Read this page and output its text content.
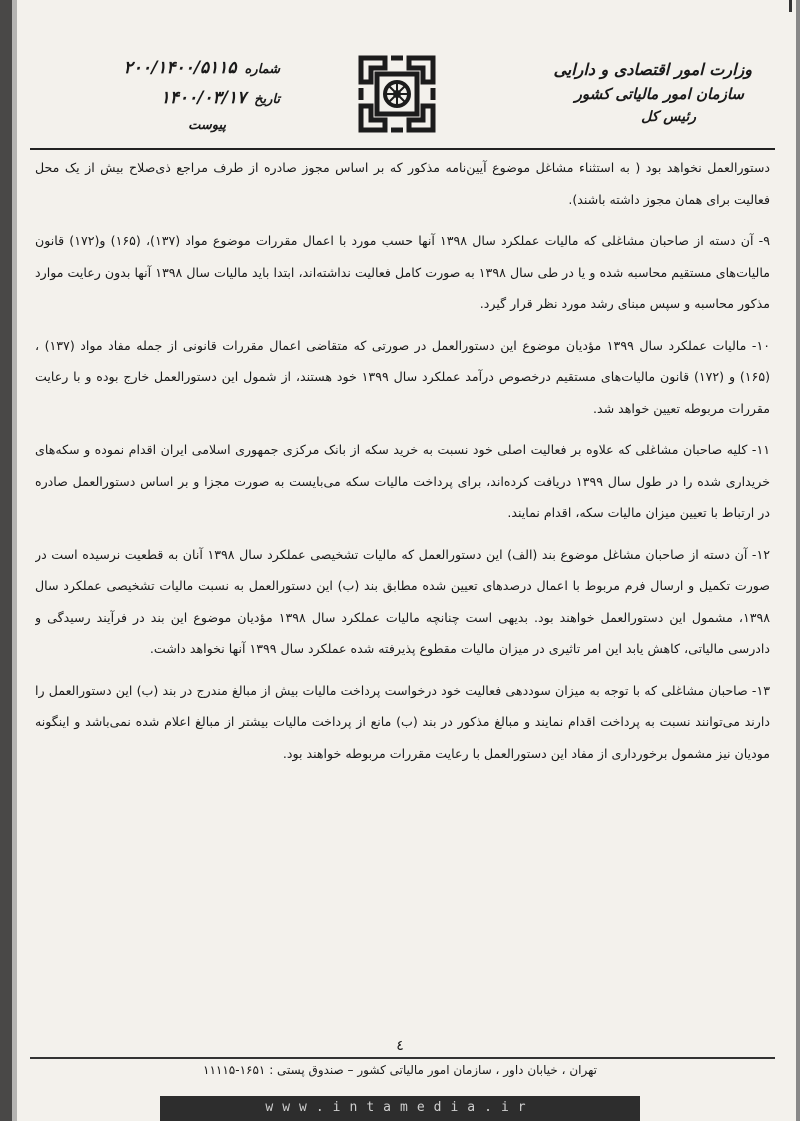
وزارت امور اقتصادی و دارایی
سازمان امور مالیاتی کشور
رئیس کل
شماره
۲۰۰/۱۴۰۰/۵۱۱۵
تاریخ
۱۴۰۰/۰۳/۱۷
پیوست

دستورالعمل نخواهد بود ( به استثناء مشاغل موضوع آیین‌نامه مذکور که بر اساس مجوز صادره از طرف مراجع ذی‌صلاح بیش از یک محل فعالیت برای همان مجوز داشته باشند).

۹- آن دسته از صاحبان مشاغلی که مالیات عملکرد سال ۱۳۹۸ آنها حسب مورد با اعمال مقررات موضوع مواد (۱۳۷)، (۱۶۵) و(۱۷۲) قانون مالیات‌های مستقیم محاسبه شده و یا در طی سال ۱۳۹۸ به صورت کامل فعالیت نداشته‌اند، ابتدا باید مالیات سال ۱۳۹۸ آنها بدون رعایت موارد مذکور محاسبه و سپس مبنای رشد مورد نظر قرار گیرد.

۱۰- مالیات عملکرد سال ۱۳۹۹ مؤدیان موضوع این دستورالعمل در صورتی که متقاضی اعمال مقررات قانونی از جمله مفاد مواد (۱۳۷) ، (۱۶۵) و (۱۷۲) قانون مالیات‌های مستقیم درخصوص درآمد عملکرد سال ۱۳۹۹ خود هستند، از شمول این دستورالعمل خارج بوده و با رعایت مقررات مربوطه تعیین خواهد شد.

۱۱- کلیه صاحبان مشاغلی که علاوه بر فعالیت اصلی خود نسبت به خرید سکه از بانک مرکزی جمهوری اسلامی ایران اقدام نموده و سکه‌های خریداری شده را در طول سال ۱۳۹۹ دریافت کرده‌اند، برای پرداخت مالیات سکه می‌بایست به صورت مجزا و بر اساس دستورالعمل صادره در ارتباط با تعیین میزان مالیات سکه، اقدام نمایند.

۱۲- آن دسته از صاحبان مشاغل موضوع بند (الف) این دستورالعمل که مالیات تشخیصی عملکرد سال ۱۳۹۸ آنان به قطعیت نرسیده است در صورت تکمیل و ارسال فرم مربوط با اعمال درصدهای تعیین شده مطابق بند (ب) این دستورالعمل به نسبت مالیات تشخیصی عملکرد سال ۱۳۹۸، مشمول این دستورالعمل خواهند بود. بدیهی است چنانچه مالیات عملکرد سال ۱۳۹۸ مؤدیان موضوع این بند در فرآیند رسیدگی و دادرسی مالیاتی، کاهش یابد این امر تاثیری در میزان مالیات مقطوع پذیرفته شده عملکرد سال ۱۳۹۹ آنها نخواهد داشت.

۱۳- صاحبان مشاغلی که با توجه به میزان سوددهی فعالیت خود درخواست پرداخت مالیات بیش از مبالغ مندرج در بند (ب) این دستورالعمل را دارند می‌توانند نسبت به پرداخت اقدام نمایند و مبالغ مذکور در بند (ب) مانع از پرداخت مالیات بیشتر از مبالغ اعلام شده نمی‌باشد و اینگونه مودیان نیز مشمول برخورداری از مفاد این دستورالعمل با رعایت مقررات مربوطه خواهند بود.

٤
تهران ، خیابان داور ، سازمان امور مالیاتی کشور – صندوق پستی : ۱۶۵۱-۱۱۱۱۵
www.intamedia.ir
